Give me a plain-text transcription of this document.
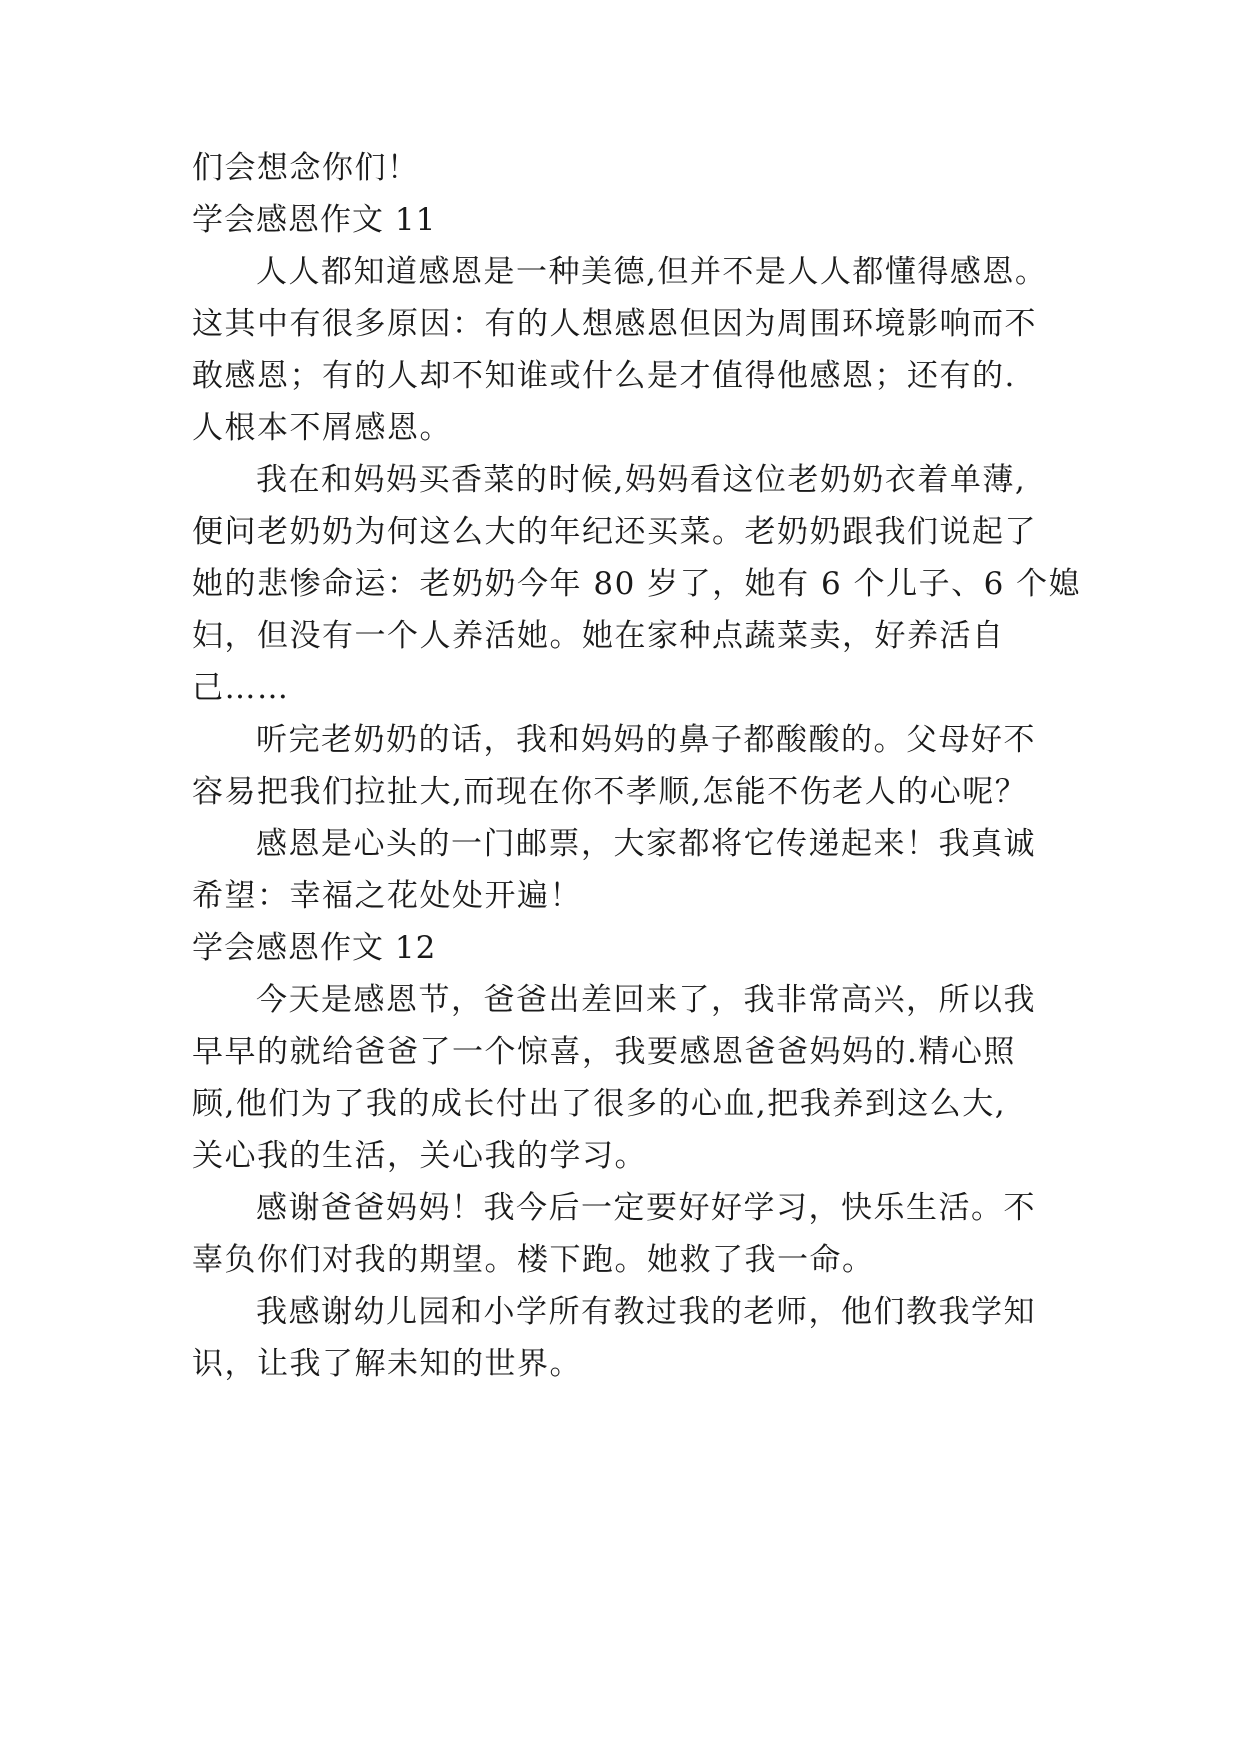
们会想念你们！
学会感恩作文 11
人人都知道感恩是一种美德,但并不是人人都懂得感恩。
这其中有很多原因：有的人想感恩但因为周围环境影响而不
敢感恩；有的人却不知谁或什么是才值得他感恩；还有的.
人根本不屑感恩。
我在和妈妈买香菜的时候,妈妈看这位老奶奶衣着单薄,
便问老奶奶为何这么大的年纪还买菜。老奶奶跟我们说起了
她的悲惨命运：老奶奶今年 80 岁了，她有 6 个儿子、6 个媳
妇，但没有一个人养活她。她在家种点蔬菜卖，好养活自
己……
听完老奶奶的话，我和妈妈的鼻子都酸酸的。父母好不
容易把我们拉扯大,而现在你不孝顺,怎能不伤老人的心呢？
感恩是心头的一门邮票，大家都将它传递起来！我真诚
希望：幸福之花处处开遍！
学会感恩作文 12
今天是感恩节，爸爸出差回来了，我非常高兴，所以我
早早的就给爸爸了一个惊喜，我要感恩爸爸妈妈的.精心照
顾,他们为了我的成长付出了很多的心血,把我养到这么大,
关心我的生活，关心我的学习。
感谢爸爸妈妈！我今后一定要好好学习，快乐生活。不
辜负你们对我的期望。楼下跑。她救了我一命。
我感谢幼儿园和小学所有教过我的老师，他们教我学知
识，让我了解未知的世界。
